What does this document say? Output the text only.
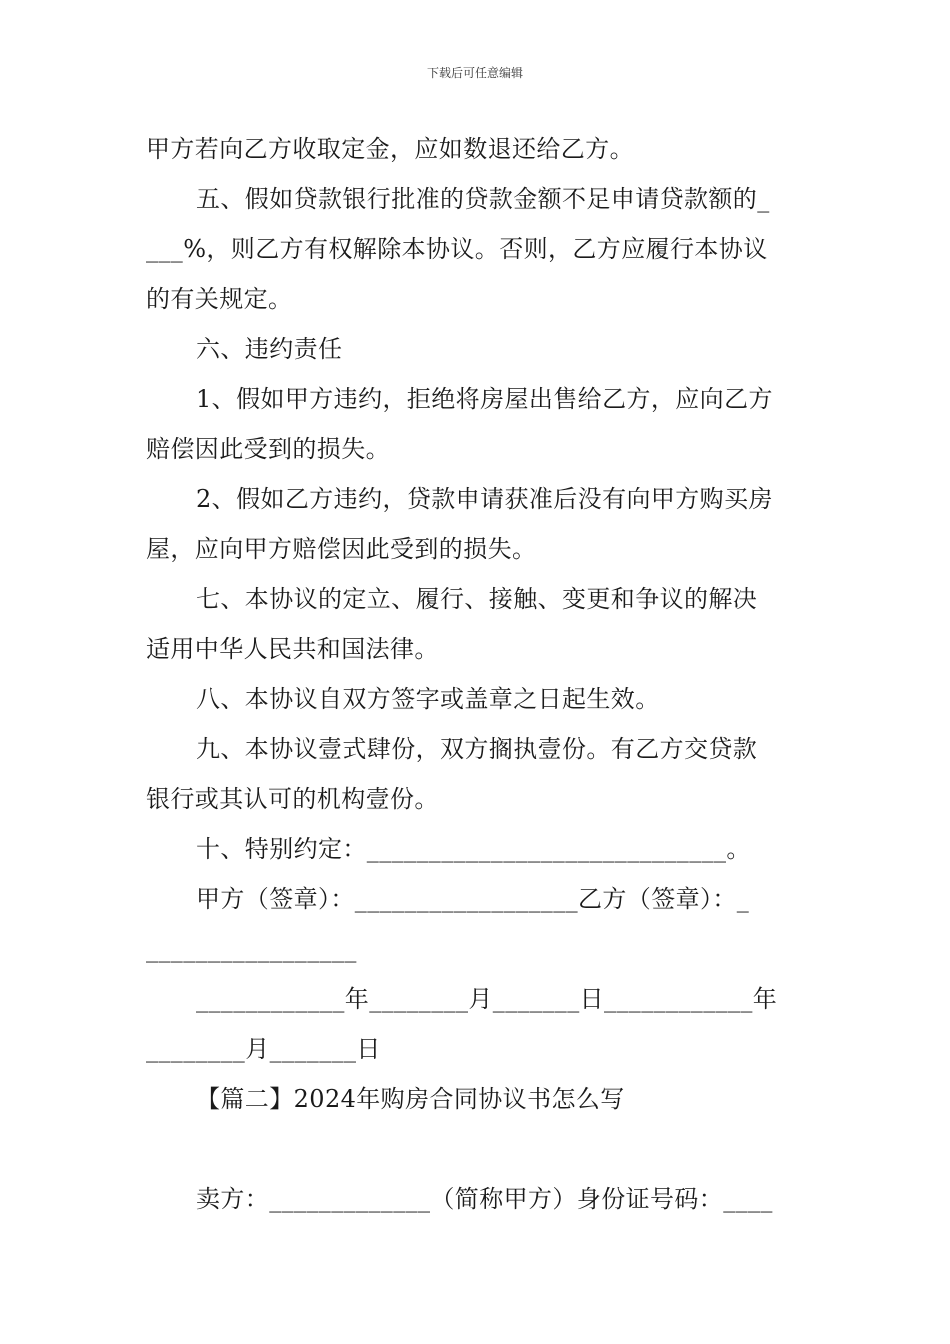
下载后可任意编辑
甲方若向乙方收取定金，应如数退还给乙方。
五、假如贷款银行批准的贷款金额不足申请贷款额的_
___%，则乙方有权解除本协议。否则，乙方应履行本协议
的有关规定。
六、违约责任
1、假如甲方违约，拒绝将房屋出售给乙方，应向乙方
赔偿因此受到的损失。
2、假如乙方违约，贷款申请获准后没有向甲方购买房
屋，应向甲方赔偿因此受到的损失。
七、本协议的定立、履行、接触、变更和争议的解决
适用中华人民共和国法律。
八、本协议自双方签字或盖章之日起生效。
九、本协议壹式肆份，双方搁执壹份。有乙方交贷款
银行或其认可的机构壹份。
十、特别约定：_____________________________。
甲方（签章）：__________________乙方（签章）：_
_________________
____________年________月_______日____________年
________月_______日
【篇二】2024年购房合同协议书怎么写
卖方：_____________（简称甲方）身份证号码：____
